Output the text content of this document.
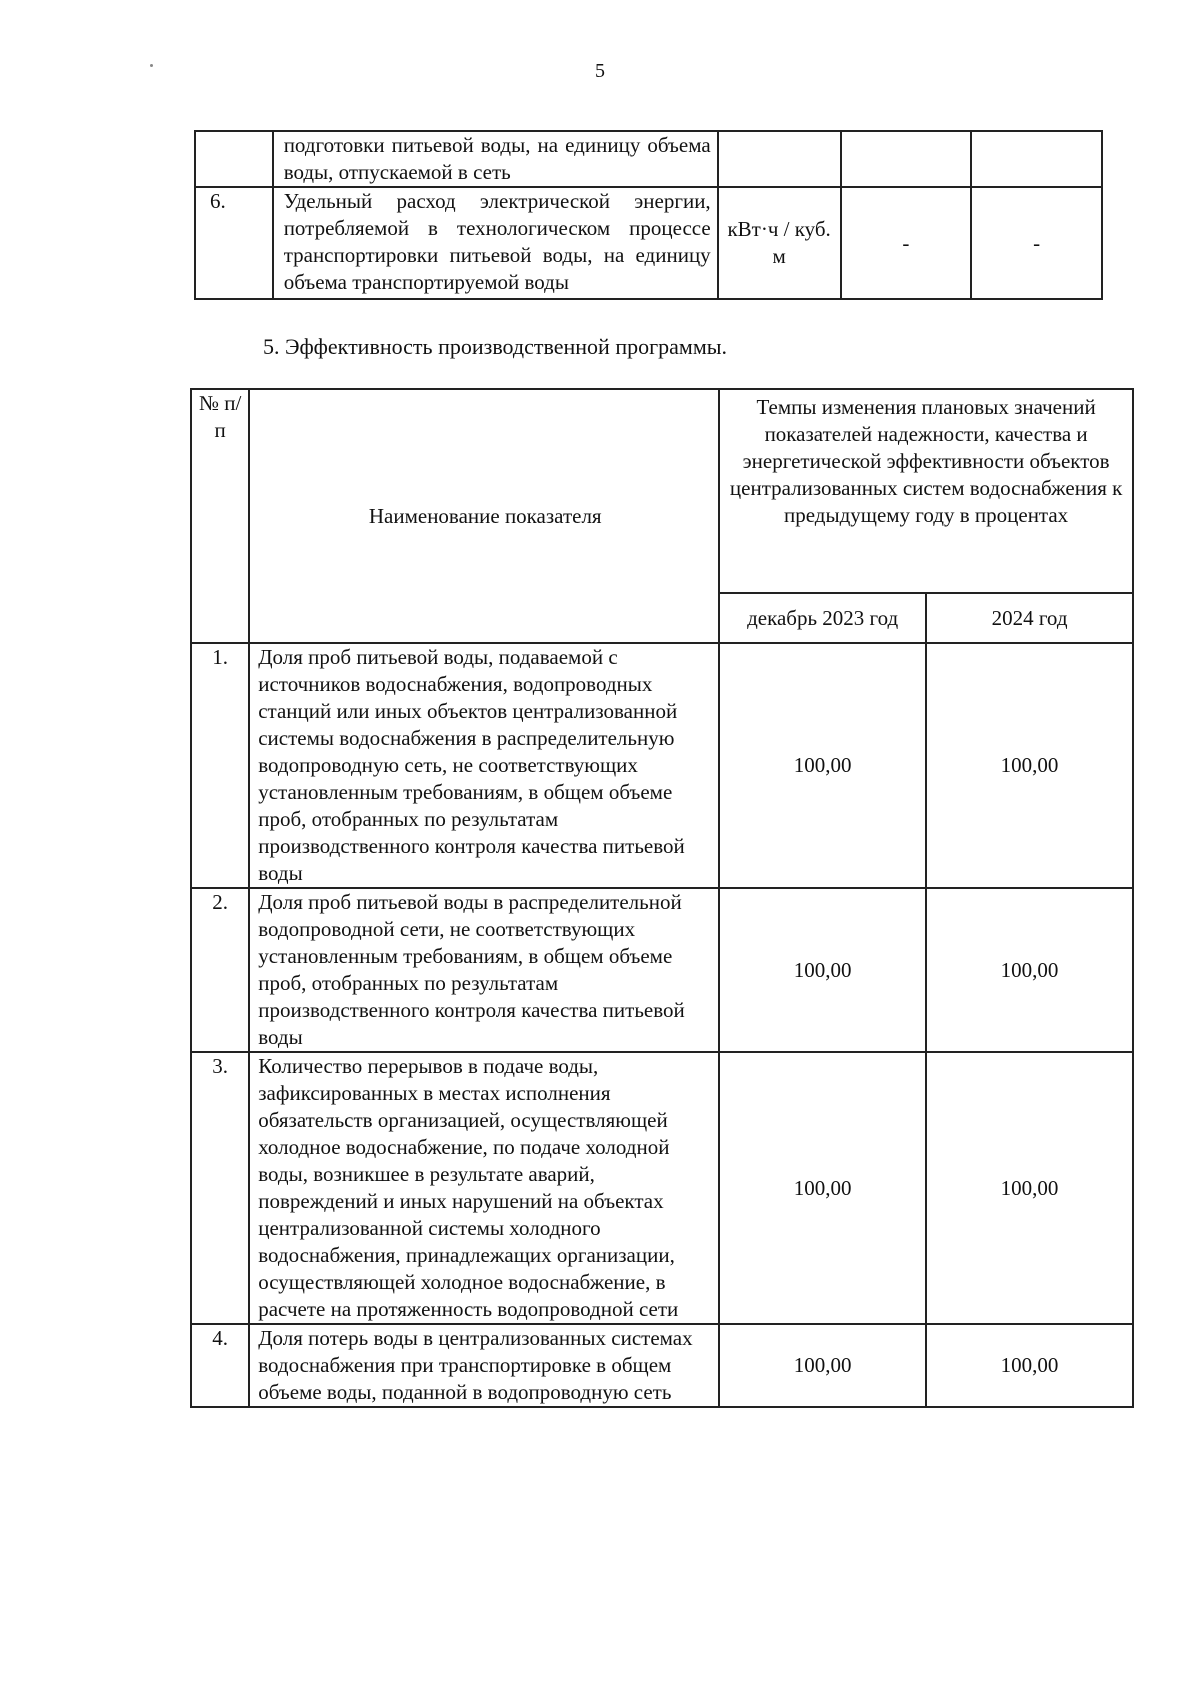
5
	подготовки питьевой воды, на единицу объема воды, отпускаемой в сеть			
6.	Удельный расход электрической энергии, потребляемой в технологическом процессе транспортировки питьевой воды, на единицу объема транспортируемой воды	кВт·ч / куб. м	-	-
5. Эффективность производственной программы.
№ п/п	Наименование показателя	Темпы изменения плановых значений показателей надежности, качества и энергетической эффективности объектов централизованных систем водоснабжения к предыдущему году в процентах	
		декабрь 2023 год	2024 год
1.	Доля проб питьевой воды, подаваемой с источников водоснабжения, водопроводных станций или иных объектов централизованной системы водоснабжения в распределительную водопроводную сеть, не соответствующих установленным требованиям, в общем объеме проб, отобранных по результатам производственного контроля качества питьевой воды	100,00	100,00
2.	Доля проб питьевой воды в распределительной водопроводной сети, не соответствующих установленным требованиям, в общем объеме проб, отобранных по результатам производственного контроля качества питьевой воды	100,00	100,00
3.	Количество перерывов в подаче воды, зафиксированных в местах исполнения обязательств организацией, осуществляющей холодное водоснабжение, по подаче холодной воды, возникшее в результате аварий, повреждений и иных нарушений на объектах централизованной системы холодного водоснабжения, принадлежащих организации, осуществляющей холодное водоснабжение, в расчете на протяженность водопроводной сети	100,00	100,00
4.	Доля потерь воды в централизованных системах водоснабжения при транспортировке в общем объеме воды, поданной в водопроводную сеть	100,00	100,00
